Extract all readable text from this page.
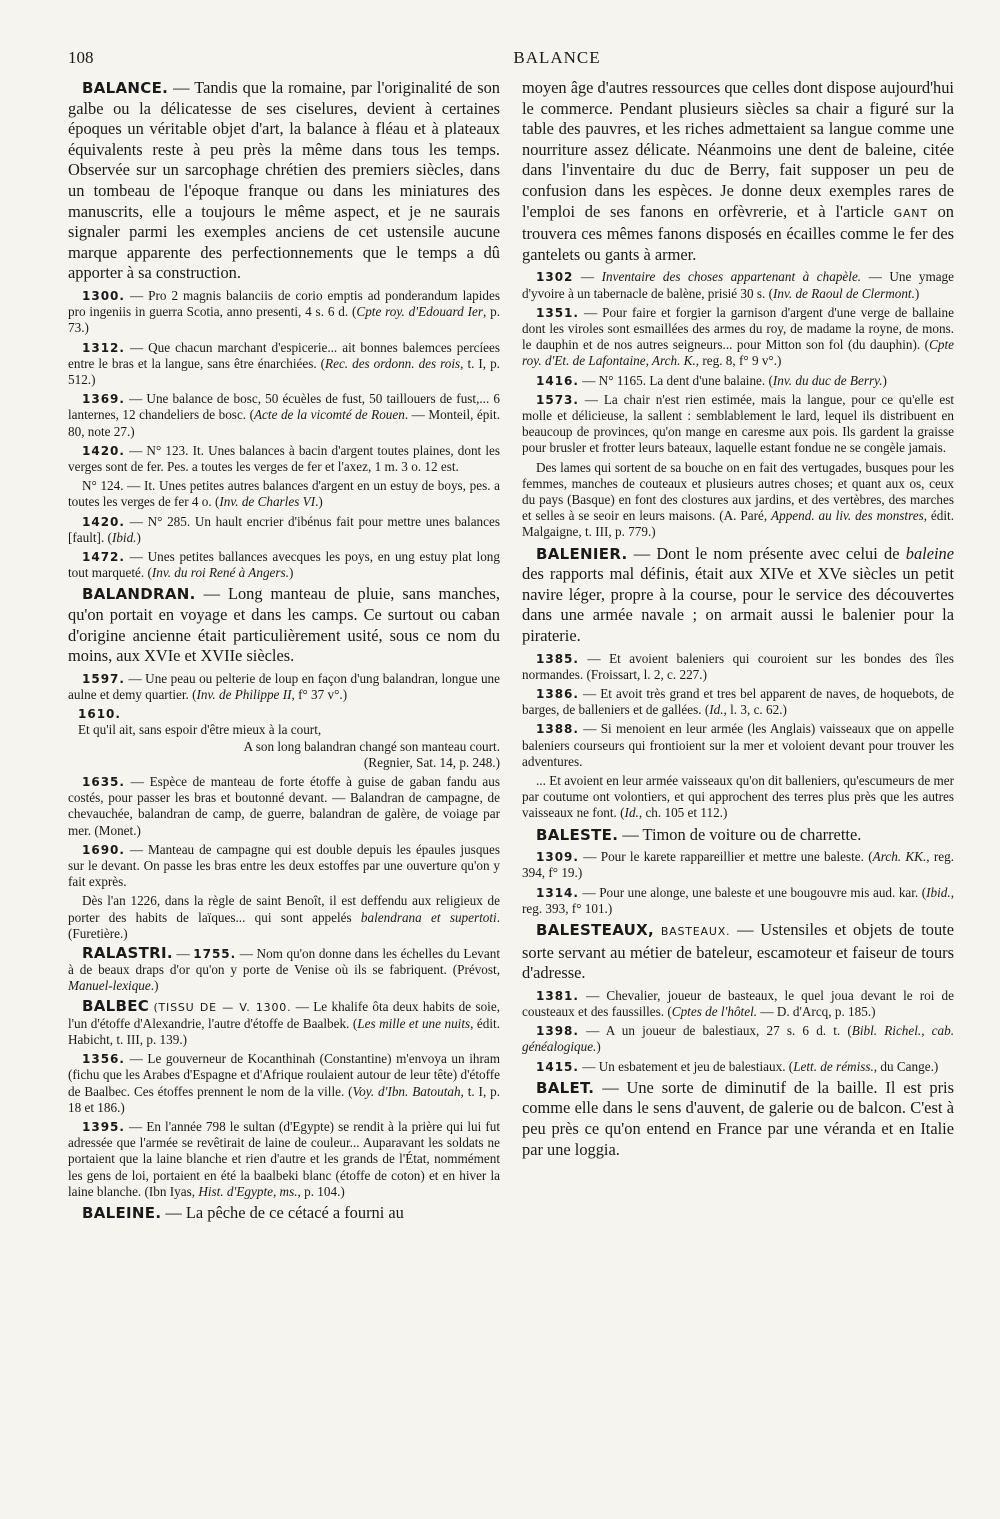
108	BALANCE

BALANCE. — Tandis que la romaine, par l'originalité de son galbe ou la délicatesse de ses ciselures, devient à certaines époques un véritable objet d'art, la balance à fléau et à plateaux équivalents reste à peu près la même dans tous les temps. Observée sur un sarcophage chrétien des premiers siècles, dans un tombeau de l'époque franque ou dans les miniatures des manuscrits, elle a toujours le même aspect, et je ne saurais signaler parmi les exemples anciens de cet ustensile aucune marque apparente des perfectionnements que le temps a dû apporter à sa construction.

1300. — Pro 2 magnis balanciis de corio emptis ad ponderandum lapides pro ingeniis in guerra Scotia, anno presenti, 4 s. 6 d. (Cpte roy. d'Edouard Ier, p. 73.)

1312. — Que chacun marchant d'espicerie... ait bonnes balemces percíees entre le bras et la langue, sans être énarchiées. (Rec. des ordonn. des rois, t. I, p. 512.)

1369. — Une balance de bosc, 50 écuèles de fust, 50 taillouers de fust,... 6 lanternes, 12 chandeliers de bosc. (Acte de la vicomté de Rouen. — Monteil, épit. 80, note 27.)

1420. — N° 123. It. Unes balances à bacin d'argent toutes plaines, dont les verges sont de fer. Pes. a toutes les verges de fer et l'axez, 1 m. 3 o. 12 est.

N° 124. — It. Unes petites autres balances d'argent en un estuy de boys, pes. a toutes les verges de fer 4 o. (Inv. de Charles VI.)

1420. — N° 285. Un hault encrier d'ibénus fait pour mettre unes balances [fault]. (Ibid.)

1472. — Unes petites ballances avecques les poys, en ung estuy plat long tout marqueté. (Inv. du roi René à Angers.)

BALANDRAN. — Long manteau de pluie, sans manches, qu'on portait en voyage et dans les camps. Ce surtout ou caban d'origine ancienne était particulièrement usité, sous ce nom du moins, aux XVIe et XVIIe siècles.

1597. — Une peau ou pelterie de loup en façon d'ung balandran, longue une aulne et demy quartier. (Inv. de Philippe II, f° 37 v°.)

1610.
Et qu'il ait, sans espoir d'être mieux à la court,
A son long balandran changé son manteau court.
(Regnier, Sat. 14, p. 248.)

1635. — Espèce de manteau de forte étoffe à guise de gaban fandu aus costés, pour passer les bras et boutonné devant. — Balandran de campagne, de chevauchée, balandran de camp, de guerre, balandran de galère, de voiage par mer. (Monet.)

1690. — Manteau de campagne qui est double depuis les épaules jusques sur le devant. On passe les bras entre les deux estoffes par une ouverture qu'on y fait exprès.

Dès l'an 1226, dans la règle de saint Benoît, il est deffendu aux religieux de porter des habits de laïques... qui sont appelés balendrana et supertoti. (Furetière.)

RALASTRI. — 1755. — Nom qu'on donne dans les échelles du Levant à de beaux draps d'or qu'on y porte de Venise où ils se fabriquent. (Prévost, Manuel-lexique.)

BALBEC (TISSU DE — V. 1300. — Le khalife ôta deux habits de soie, l'un d'étoffe d'Alexandrie, l'autre d'étoffe de Baalbek. (Les mille et une nuits, édit. Habicht, t. III, p. 139.)

1356. — Le gouverneur de Kocanthinah (Constantine) m'envoya un ihram (fichu que les Arabes d'Espagne et d'Afrique roulaient autour de leur tête) d'étoffe de Baalbec. Ces étoffes prennent le nom de la ville. (Voy. d'Ibn. Batoutah, t. I, p. 18 et 186.)

1395. — En l'année 798 le sultan (d'Egypte) se rendit à la prière qui lui fut adressée que l'armée se revêtirait de laine de couleur... Auparavant les soldats ne portaient que la laine blanche et rien d'autre et les grands de l'État, nommément les gens de loi, portaient en été la baalbeki blanc (étoffe de coton) et en hiver la laine blanche. (Ibn Iyas, Hist. d'Egypte, ms., p. 104.)

BALEINE. — La pêche de ce cétacé a fourni au

moyen âge d'autres ressources que celles dont dispose aujourd'hui le commerce. Pendant plusieurs siècles sa chair a figuré sur la table des pauvres, et les riches admettaient sa langue comme une nourriture assez délicate. Néanmoins une dent de baleine, citée dans l'inventaire du duc de Berry, fait supposer un peu de confusion dans les espèces. Je donne deux exemples rares de l'emploi de ses fanons en orfèvrerie, et à l'article GANT on trouvera ces mêmes fanons disposés en écailles comme le fer des gantelets ou gants à armer.

1302 — Inventaire des choses appartenant à chapèle. — Une ymage d'yvoire à un tabernacle de balène, prisié 30 s. (Inv. de Raoul de Clermont.)

1351. — Pour faire et forgier la garnison d'argent d'une verge de ballaine dont les viroles sont esmaillées des armes du roy, de madame la royne, de mons. le dauphin et de nos autres seigneurs... pour Mitton son fol (du dauphin). (Cpte roy. d'Et. de Lafontaine, Arch. K., reg. 8, f° 9 v°.)

1416. — N° 1165. La dent d'une balaine. (Inv. du duc de Berry.)

1573. — La chair n'est rien estimée, mais la langue, pour ce qu'elle est molle et délicieuse, la sallent : semblablement le lard, lequel ils distribuent en beaucoup de provinces, qu'on mange en caresme aux pois. Ils gardent la graisse pour brusler et frotter leurs bateaux, laquelle estant fondue ne se congèle jamais.

Des lames qui sortent de sa bouche on en fait des vertugades, busques pour les femmes, manches de couteaux et plusieurs autres choses; et quant aux os, ceux du pays (Basque) en font des clostures aux jardins, et des vertèbres, des marches et selles à se seoir en leurs maisons. (A. Paré, Append. au liv. des monstres, édit. Malgaigne, t. III, p. 779.)

BALENIER. — Dont le nom présente avec celui de baleine des rapports mal définis, était aux XIVe et XVe siècles un petit navire léger, propre à la course, pour le service des découvertes dans une armée navale ; on armait aussi le balenier pour la piraterie.

1385. — Et avoient baleniers qui couroient sur les bondes des îles normandes. (Froissart, l. 2, c. 227.)

1386. — Et avoit très grand et tres bel apparent de naves, de hoquebots, de barges, de balleniers et de gallées. (Id., l. 3, c. 62.)

1388. — Si menoient en leur armée (les Anglais) vaisseaux que on appelle baleniers courseurs qui frontioient sur la mer et voloient devant pour trouver les adventures.

... Et avoient en leur armée vaisseaux qu'on dit balleniers, qu'escumeurs de mer par coutume ont volontiers, et qui approchent des terres plus près que les autres vaisseaux ne font. (Id., ch. 105 et 112.)

BALESTE. — Timon de voiture ou de charrette.

1309. — Pour le karete rappareillier et mettre une baleste. (Arch. KK., reg. 394, f° 19.)

1314. — Pour une alonge, une baleste et une bougouvre mis aud. kar. (Ibid., reg. 393, f° 101.)

BALESTEAUX, BASTEAUX. — Ustensiles et objets de toute sorte servant au métier de bateleur, escamoteur et faiseur de tours d'adresse.

1381. — Chevalier, joueur de basteaux, le quel joua devant le roi de cousteaux et des faussilles. (Cptes de l'hôtel. — D. d'Arcq, p. 185.)

1398. — A un joueur de balestiaux, 27 s. 6 d. t. (Bibl. Richel., cab. généalogique.)

1415. — Un esbatement et jeu de balestiaux. (Lett. de rémiss., du Cange.)

BALET. — Une sorte de diminutif de la baille. Il est pris comme elle dans le sens d'auvent, de galerie ou de balcon. C'est à peu près ce qu'on entend en France par une véranda et en Italie par une loggia.
